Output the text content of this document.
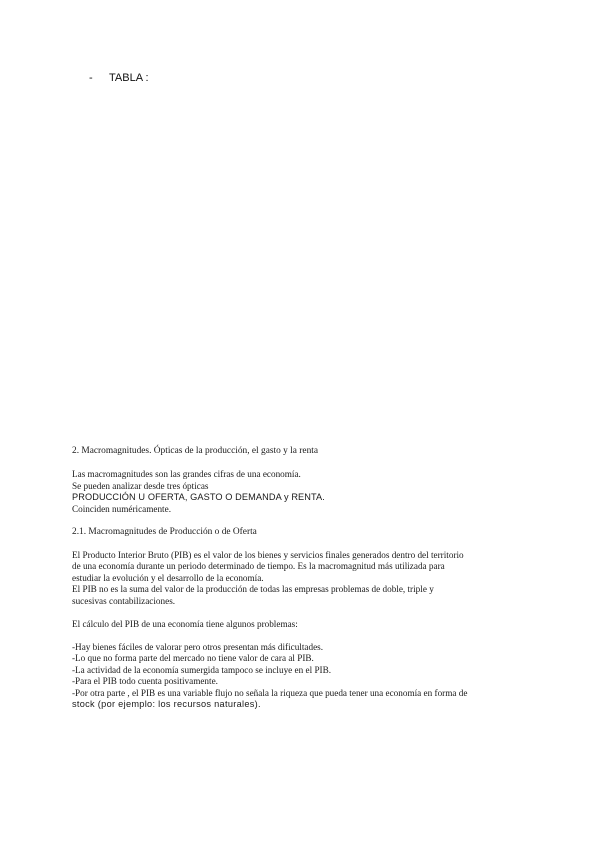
- TABLA :

2. Macromagnitudes. Ópticas de la producción, el gasto y la renta

Las macromagnitudes son las grandes cifras de una economía.

Se pueden analizar desde tres ópticas

PRODUCCIÓN U OFERTA, GASTO O DEMANDA y RENTA.

Coinciden numéricamente.

2.1. Macromagnitudes de Producción o de Oferta

El Producto Interior Bruto (PIB) es el valor de los bienes y servicios finales generados dentro del territorio

de una economía durante un periodo determinado de tiempo. Es la macromagnitud más utilizada para

estudiar la evolución y el desarrollo de la economía.

El PIB no es la suma del valor de la producción de todas las empresas problemas de doble, triple y

sucesivas contabilizaciones.

El cálculo del PIB de una economía tiene algunos problemas:

-Hay bienes fáciles de valorar pero otros presentan más dificultades.

-Lo que no forma parte del mercado no tiene valor de cara al PIB.

-La actividad de la economía sumergida tampoco se incluye en el PIB.

-Para el PIB todo cuenta positivamente.

-Por otra parte , el PIB es una variable flujo no señala la riqueza que pueda tener una economía en forma de

stock (por ejemplo: los recursos naturales).
